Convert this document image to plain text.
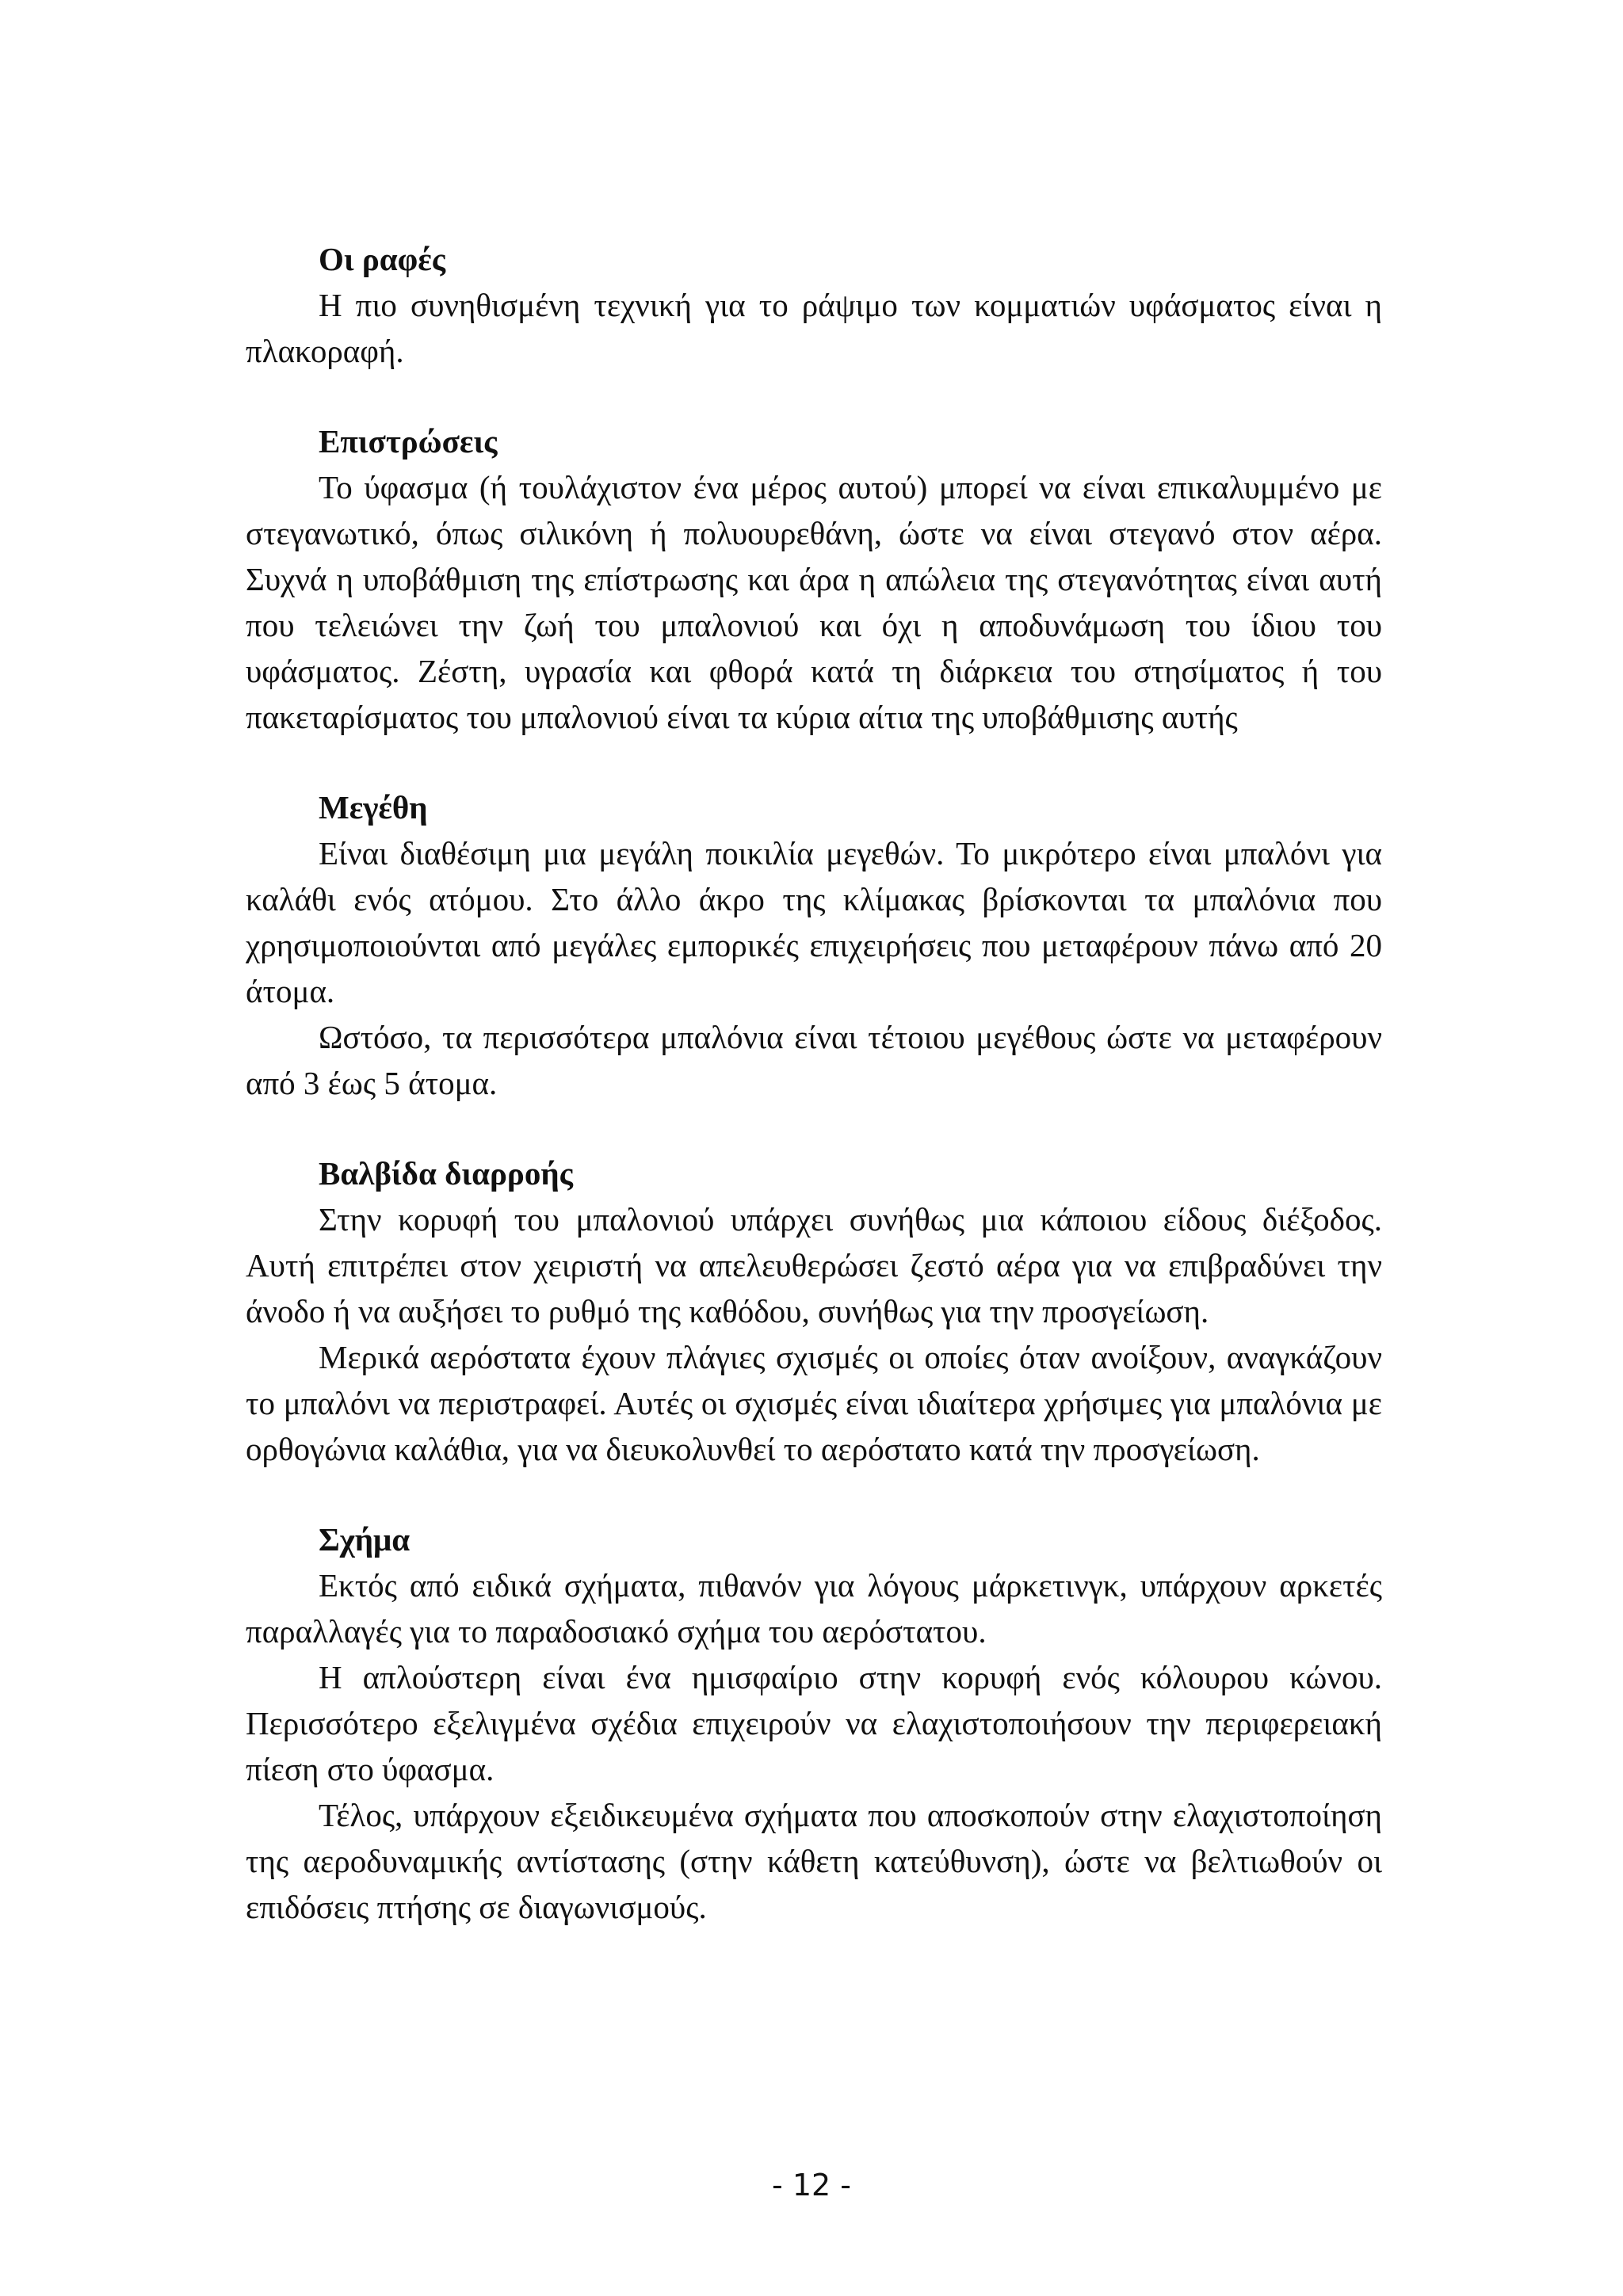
Οι ραφές

Η πιο συνηθισμένη τεχνική για το ράψιμο των κομματιών υφάσματος είναι η πλακοραφή.

Επιστρώσεις

Το ύφασμα (ή τουλάχιστον ένα μέρος αυτού) μπορεί να είναι επικαλυμμένο με στεγανωτικό, όπως σιλικόνη ή πολυουρεθάνη, ώστε να είναι στεγανό στον αέρα. Συχνά η υποβάθμιση της επίστρωσης και άρα η απώλεια της στεγανότητας είναι αυτή που τελειώνει την ζωή του μπαλονιού και όχι η αποδυνάμωση του ίδιου του υφάσματος. Ζέστη, υγρασία και φθορά κατά τη διάρκεια του στησίματος ή του πακεταρίσματος του μπαλονιού είναι τα κύρια αίτια της υποβάθμισης αυτής

Μεγέθη

Είναι διαθέσιμη μια μεγάλη ποικιλία μεγεθών. Το μικρότερο είναι μπαλόνι για καλάθι ενός ατόμου. Στο άλλο άκρο της κλίμακας βρίσκονται τα μπαλόνια που χρησιμοποιούνται από μεγάλες εμπορικές επιχειρήσεις που μεταφέρουν πάνω από 20 άτομα.

Ωστόσο, τα περισσότερα μπαλόνια είναι τέτοιου μεγέθους ώστε να μεταφέρουν από 3 έως 5 άτομα.

Βαλβίδα διαρροής

Στην κορυφή του μπαλονιού υπάρχει συνήθως μια κάποιου είδους διέξοδος. Αυτή επιτρέπει στον χειριστή να απελευθερώσει ζεστό αέρα για να επιβραδύνει την άνοδο ή να αυξήσει το ρυθμό της καθόδου, συνήθως για την προσγείωση.

Μερικά αερόστατα έχουν πλάγιες σχισμές οι οποίες όταν ανοίξουν, αναγκάζουν το μπαλόνι να περιστραφεί. Αυτές οι σχισμές είναι ιδιαίτερα χρήσιμες για μπαλόνια με ορθογώνια καλάθια, για να διευκολυνθεί το αερόστατο κατά την προσγείωση.

Σχήμα

Εκτός από ειδικά σχήματα, πιθανόν για λόγους μάρκετινγκ, υπάρχουν αρκετές παραλλαγές για το παραδοσιακό σχήμα του αερόστατου.

Η απλούστερη είναι ένα ημισφαίριο στην κορυφή ενός κόλουρου κώνου. Περισσότερο εξελιγμένα σχέδια επιχειρούν να ελαχιστοποιήσουν την περιφερειακή πίεση στο ύφασμα.

Τέλος, υπάρχουν εξειδικευμένα σχήματα που αποσκοπούν στην ελαχιστοποίηση της αεροδυναμικής αντίστασης (στην κάθετη κατεύθυνση), ώστε να βελτιωθούν οι επιδόσεις πτήσης σε διαγωνισμούς.

- 12 -
